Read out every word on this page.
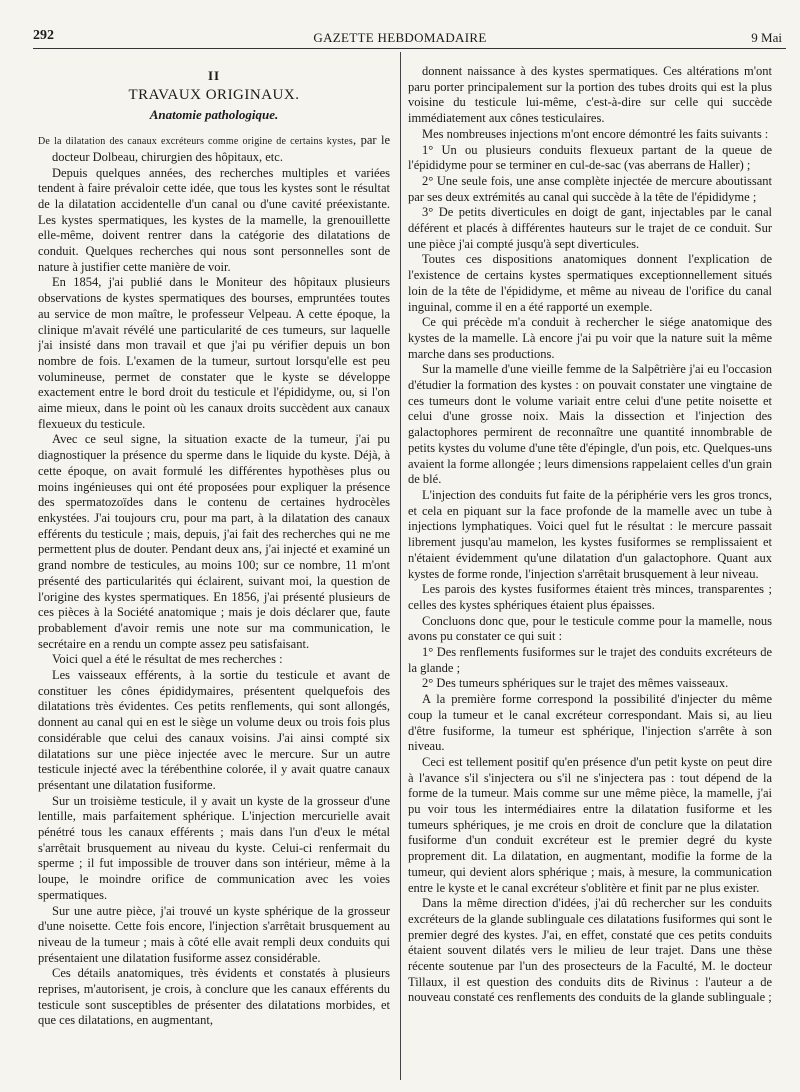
292	GAZETTE HEBDOMADAIRE	9 Mai
II
TRAVAUX ORIGINAUX.
Anatomie pathologique.

De la dilatation des canaux excréteurs comme origine de certains kystes, par le docteur Dolbeau, chirurgien des hôpitaux, etc.

Depuis quelques années, des recherches multiples et variées tendent à faire prévaloir cette idée, que tous les kystes sont le résultat de la dilatation accidentelle d'un canal ou d'une cavité préexistante. Les kystes spermatiques, les kystes de la mamelle, la grenouillette elle-même, doivent rentrer dans la catégorie des dilatations de conduit. Quelques recherches qui nous sont personnelles sont de nature à justifier cette manière de voir.

En 1854, j'ai publié dans le Moniteur des hôpitaux plusieurs observations de kystes spermatiques des bourses, empruntées toutes au service de mon maître, le professeur Velpeau. A cette époque, la clinique m'avait révélé une particularité de ces tumeurs, sur laquelle j'ai insisté dans mon travail et que j'ai pu vérifier depuis un bon nombre de fois. L'examen de la tumeur, surtout lorsqu'elle est peu volumineuse, permet de constater que le kyste se développe exactement entre le bord droit du testicule et l'épididyme, ou, si l'on aime mieux, dans le point où les canaux droits succèdent aux canaux flexueux du testicule.

Avec ce seul signe, la situation exacte de la tumeur, j'ai pu diagnostiquer la présence du sperme dans le liquide du kyste. Déjà, à cette époque, on avait formulé les différentes hypothèses plus ou moins ingénieuses qui ont été proposées pour expliquer la présence des spermatozoïdes dans le contenu de certaines hydrocèles enkystées. J'ai toujours cru, pour ma part, à la dilatation des canaux efférents du testicule ; mais, depuis, j'ai fait des recherches qui ne me permettent plus de douter. Pendant deux ans, j'ai injecté et examiné un grand nombre de testicules, au moins 100; sur ce nombre, 11 m'ont présenté des particularités qui éclairent, suivant moi, la question de l'origine des kystes spermatiques. En 1856, j'ai présenté plusieurs de ces pièces à la Société anatomique ; mais je dois déclarer que, faute probablement d'avoir remis une note sur ma communication, le secrétaire en a rendu un compte assez peu satisfaisant.

Voici quel a été le résultat de mes recherches :

Les vaisseaux efférents, à la sortie du testicule et avant de constituer les cônes épididymaires, présentent quelquefois des dilatations très évidentes. Ces petits renflements, qui sont allongés, donnent au canal qui en est le siège un volume deux ou trois fois plus considérable que celui des canaux voisins. J'ai ainsi compté six dilatations sur une pièce injectée avec le mercure. Sur un autre testicule injecté avec la térébenthine colorée, il y avait quatre canaux présentant une dilatation fusiforme.

Sur un troisième testicule, il y avait un kyste de la grosseur d'une lentille, mais parfaitement sphérique. L'injection mercurielle avait pénétré tous les canaux efférents ; mais dans l'un d'eux le métal s'arrêtait brusquement au niveau du kyste. Celui-ci renfermait du sperme ; il fut impossible de trouver dans son intérieur, même à la loupe, le moindre orifice de communication avec les voies spermatiques.

Sur une autre pièce, j'ai trouvé un kyste sphérique de la grosseur d'une noisette. Cette fois encore, l'injection s'arrêtait brusquement au niveau de la tumeur ; mais à côté elle avait rempli deux conduits qui présentaient une dilatation fusiforme assez considérable.

Ces détails anatomiques, très évidents et constatés à plusieurs reprises, m'autorisent, je crois, à conclure que les canaux efférents du testicule sont susceptibles de présenter des dilatations morbides, et que ces dilatations, en augmentant,

donnent naissance à des kystes spermatiques. Ces altérations m'ont paru porter principalement sur la portion des tubes droits qui est la plus voisine du testicule lui-même, c'est-à-dire sur celle qui succède immédiatement aux cônes testiculaires.

Mes nombreuses injections m'ont encore démontré les faits suivants :

1° Un ou plusieurs conduits flexueux partant de la queue de l'épididyme pour se terminer en cul-de-sac (vas aberrans de Haller) ;

2° Une seule fois, une anse complète injectée de mercure aboutissant par ses deux extrémités au canal qui succède à la tête de l'épididyme ;

3° De petits diverticules en doigt de gant, injectables par le canal déférent et placés à différentes hauteurs sur le trajet de ce conduit. Sur une pièce j'ai compté jusqu'à sept diverticules.

Toutes ces dispositions anatomiques donnent l'explication de l'existence de certains kystes spermatiques exceptionnellement situés loin de la tête de l'épididyme, et même au niveau de l'orifice du canal inguinal, comme il en a été rapporté un exemple.

Ce qui précède m'a conduit à rechercher le siége anatomique des kystes de la mamelle. Là encore j'ai pu voir que la nature suit la même marche dans ses productions.

Sur la mamelle d'une vieille femme de la Salpêtrière j'ai eu l'occasion d'étudier la formation des kystes : on pouvait constater une vingtaine de ces tumeurs dont le volume variait entre celui d'une petite noisette et celui d'une grosse noix. Mais la dissection et l'injection des galactophores permirent de reconnaître une quantité innombrable de petits kystes du volume d'une tête d'épingle, d'un pois, etc. Quelques-uns avaient la forme allongée ; leurs dimensions rappelaient celles d'un grain de blé.

L'injection des conduits fut faite de la périphérie vers les gros troncs, et cela en piquant sur la face profonde de la mamelle avec un tube à injections lymphatiques. Voici quel fut le résultat : le mercure passait librement jusqu'au mamelon, les kystes fusiformes se remplissaient et n'étaient évidemment qu'une dilatation d'un galactophore. Quant aux kystes de forme ronde, l'injection s'arrêtait brusquement à leur niveau.

Les parois des kystes fusiformes étaient très minces, transparentes ; celles des kystes sphériques étaient plus épaisses.

Concluons donc que, pour le testicule comme pour la mamelle, nous avons pu constater ce qui suit :

1° Des renflements fusiformes sur le trajet des conduits excréteurs de la glande ;

2° Des tumeurs sphériques sur le trajet des mêmes vaisseaux.

A la première forme correspond la possibilité d'injecter du même coup la tumeur et le canal excréteur correspondant. Mais si, au lieu d'être fusiforme, la tumeur est sphérique, l'injection s'arrête à son niveau.

Ceci est tellement positif qu'en présence d'un petit kyste on peut dire à l'avance s'il s'injectera ou s'il ne s'injectera pas : tout dépend de la forme de la tumeur. Mais comme sur une même pièce, la mamelle, j'ai pu voir tous les intermédiaires entre la dilatation fusiforme et les tumeurs sphériques, je me crois en droit de conclure que la dilatation fusiforme d'un conduit excréteur est le premier degré du kyste proprement dit. La dilatation, en augmentant, modifie la forme de la tumeur, qui devient alors sphérique ; mais, à mesure, la communication entre le kyste et le canal excréteur s'oblitère et finit par ne plus exister.

Dans la même direction d'idées, j'ai dû rechercher sur les conduits excréteurs de la glande sublinguale ces dilatations fusiformes qui sont le premier degré des kystes. J'ai, en effet, constaté que ces petits conduits étaient souvent dilatés vers le milieu de leur trajet. Dans une thèse récente soutenue par l'un des prosecteurs de la Faculté, M. le docteur Tillaux, il est question des conduits dits de Rivinus : l'auteur a de nouveau constaté ces renflements des conduits de la glande sublinguale ;
